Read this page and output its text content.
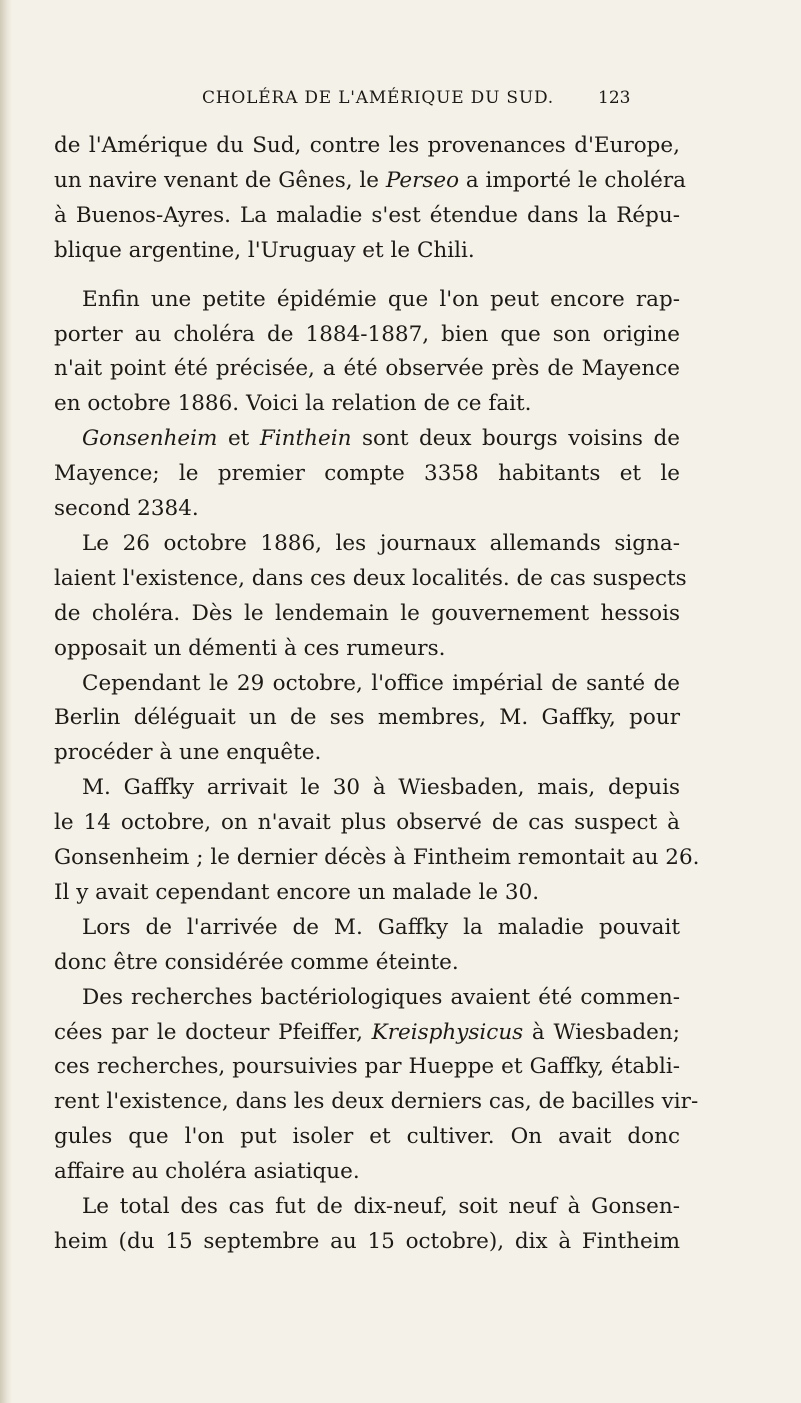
CHOLÉRA DE L'AMÉRIQUE DU SUD.	123
de l'Amérique du Sud, contre les provenances d'Europe,
un navire venant de Gênes, le Perseo a importé le choléra
à Buenos-Ayres. La maladie s'est étendue dans la Répu-
blique argentine, l'Uruguay et le Chili.
Enfin une petite épidémie que l'on peut encore rap-
porter au choléra de 1884-1887, bien que son origine
n'ait point été précisée, a été observée près de Mayence
en octobre 1886. Voici la relation de ce fait.
Gonsenheim et Finthein sont deux bourgs voisins de
Mayence; le premier compte 3358 habitants et le
second 2384.
Le 26 octobre 1886, les journaux allemands signa-
laient l'existence, dans ces deux localités. de cas suspects
de choléra. Dès le lendemain le gouvernement hessois
opposait un démenti à ces rumeurs.
Cependant le 29 octobre, l'office impérial de santé de
Berlin déléguait un de ses membres, M. Gaffky, pour
procéder à une enquête.
M. Gaffky arrivait le 30 à Wiesbaden, mais, depuis
le 14 octobre, on n'avait plus observé de cas suspect à
Gonsenheim ; le dernier décès à Fintheim remontait au 26.
Il y avait cependant encore un malade le 30.
Lors de l'arrivée de M. Gaffky la maladie pouvait
donc être considérée comme éteinte.
Des recherches bactériologiques avaient été commen-
cées par le docteur Pfeiffer, Kreisphysicus à Wiesbaden;
ces recherches, poursuivies par Hueppe et Gaffky, établi-
rent l'existence, dans les deux derniers cas, de bacilles vir-
gules que l'on put isoler et cultiver. On avait donc
affaire au choléra asiatique.
Le total des cas fut de dix-neuf, soit neuf à Gonsen-
heim (du 15 septembre au 15 octobre), dix à Fintheim
